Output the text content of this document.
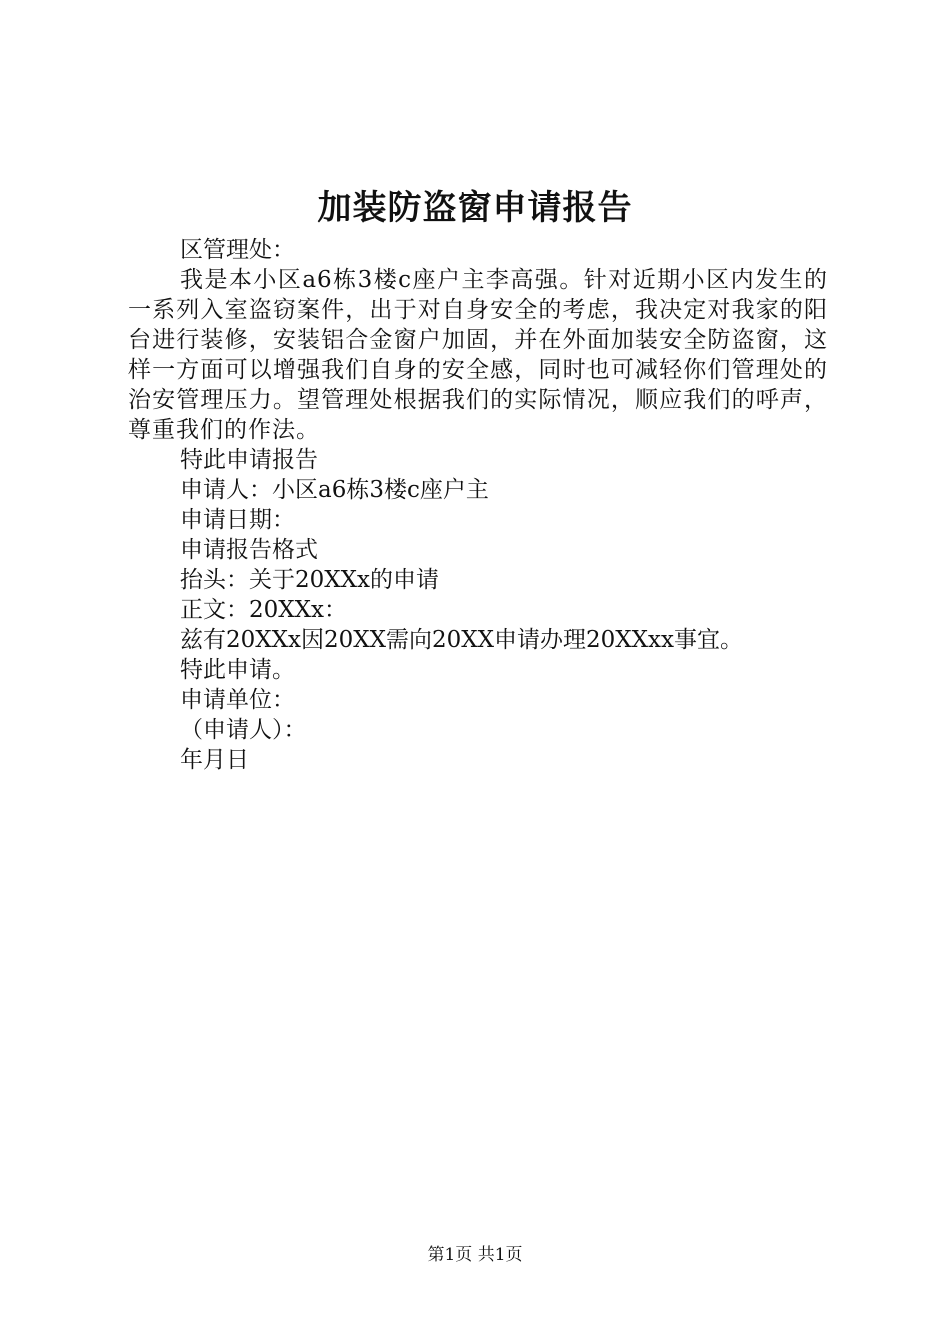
加装防盗窗申请报告

区管理处：

我是本小区a6栋3楼c座户主李高强。针对近期小区内发生的一系列入室盗窃案件，出于对自身安全的考虑，我决定对我家的阳台进行装修，安装铝合金窗户加固，并在外面加装安全防盗窗，这样一方面可以增强我们自身的安全感，同时也可减轻你们管理处的治安管理压力。望管理处根据我们的实际情况，顺应我们的呼声，尊重我们的作法。

特此申请报告

申请人：小区a6栋3楼c座户主

申请日期：

申请报告格式

抬头：关于20XXx的申请

正文：20XXx：

兹有20XXx因20XX需向20XX申请办理20XXxx事宜。

特此申请。

申请单位：

（申请人）：

年月日

第1页 共1页
